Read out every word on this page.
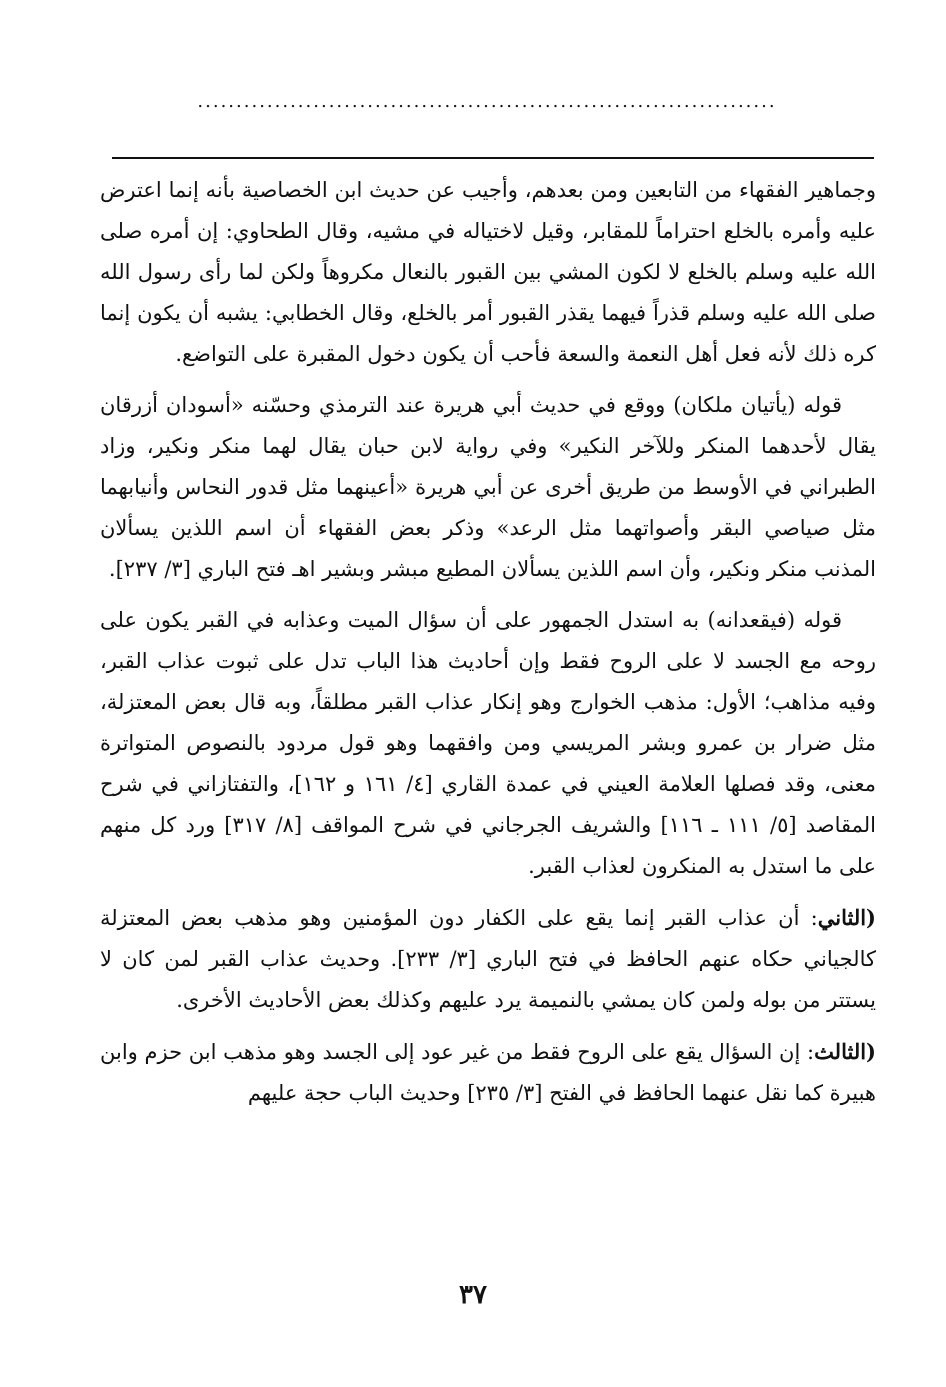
...........................................................................

وجماهير الفقهاء من التابعين ومن بعدهم، وأجيب عن حديث ابن الخصاصية بأنه إنما اعترض عليه وأمره بالخلع احتراماً للمقابر، وقيل لاختياله في مشيه، وقال الطحاوي: إن أمره صلى الله عليه وسلم بالخلع لا لكون المشي بين القبور بالنعال مكروهاً ولكن لما رأى رسول الله صلى الله عليه وسلم قذراً فيهما يقذر القبور أمر بالخلع، وقال الخطابي: يشبه أن يكون إنما كره ذلك لأنه فعل أهل النعمة والسعة فأحب أن يكون دخول المقبرة على التواضع.

قوله (يأتيان ملكان) ووقع في حديث أبي هريرة عند الترمذي وحسّنه «أسودان أزرقان يقال لأحدهما المنكر وللآخر النكير» وفي رواية لابن حبان يقال لهما منكر ونكير، وزاد الطبراني في الأوسط من طريق أخرى عن أبي هريرة «أعينهما مثل قدور النحاس وأنيابهما مثل صياصي البقر وأصواتهما مثل الرعد» وذكر بعض الفقهاء أن اسم اللذين يسألان المذنب منكر ونكير، وأن اسم اللذين يسألان المطيع مبشر وبشير اهـ فتح الباري [٣/ ٢٣٧].

قوله (فيقعدانه) به استدل الجمهور على أن سؤال الميت وعذابه في القبر يكون على روحه مع الجسد لا على الروح فقط وإن أحاديث هذا الباب تدل على ثبوت عذاب القبر، وفيه مذاهب؛ الأول: مذهب الخوارج وهو إنكار عذاب القبر مطلقاً، وبه قال بعض المعتزلة، مثل ضرار بن عمرو وبشر المريسي ومن وافقهما وهو قول مردود بالنصوص المتواترة معنى، وقد فصلها العلامة العيني في عمدة القاري [٤/ ١٦١ و ١٦٢]، والتفتازاني في شرح المقاصد [٥/ ١١١ ـ ١١٦] والشريف الجرجاني في شرح المواقف [٨/ ٣١٧] ورد كل منهم على ما استدل به المنكرون لعذاب القبر.

(الثاني: أن عذاب القبر إنما يقع على الكفار دون المؤمنين وهو مذهب بعض المعتزلة كالجياني حكاه عنهم الحافظ في فتح الباري [٣/ ٢٣٣]. وحديث عذاب القبر لمن كان لا يستتر من بوله ولمن كان يمشي بالنميمة يرد عليهم وكذلك بعض الأحاديث الأخرى.

(الثالث: إن السؤال يقع على الروح فقط من غير عود إلى الجسد وهو مذهب ابن حزم وابن هبيرة كما نقل عنهما الحافظ في الفتح [٣/ ٢٣٥] وحديث الباب حجة عليهم

٣٧
